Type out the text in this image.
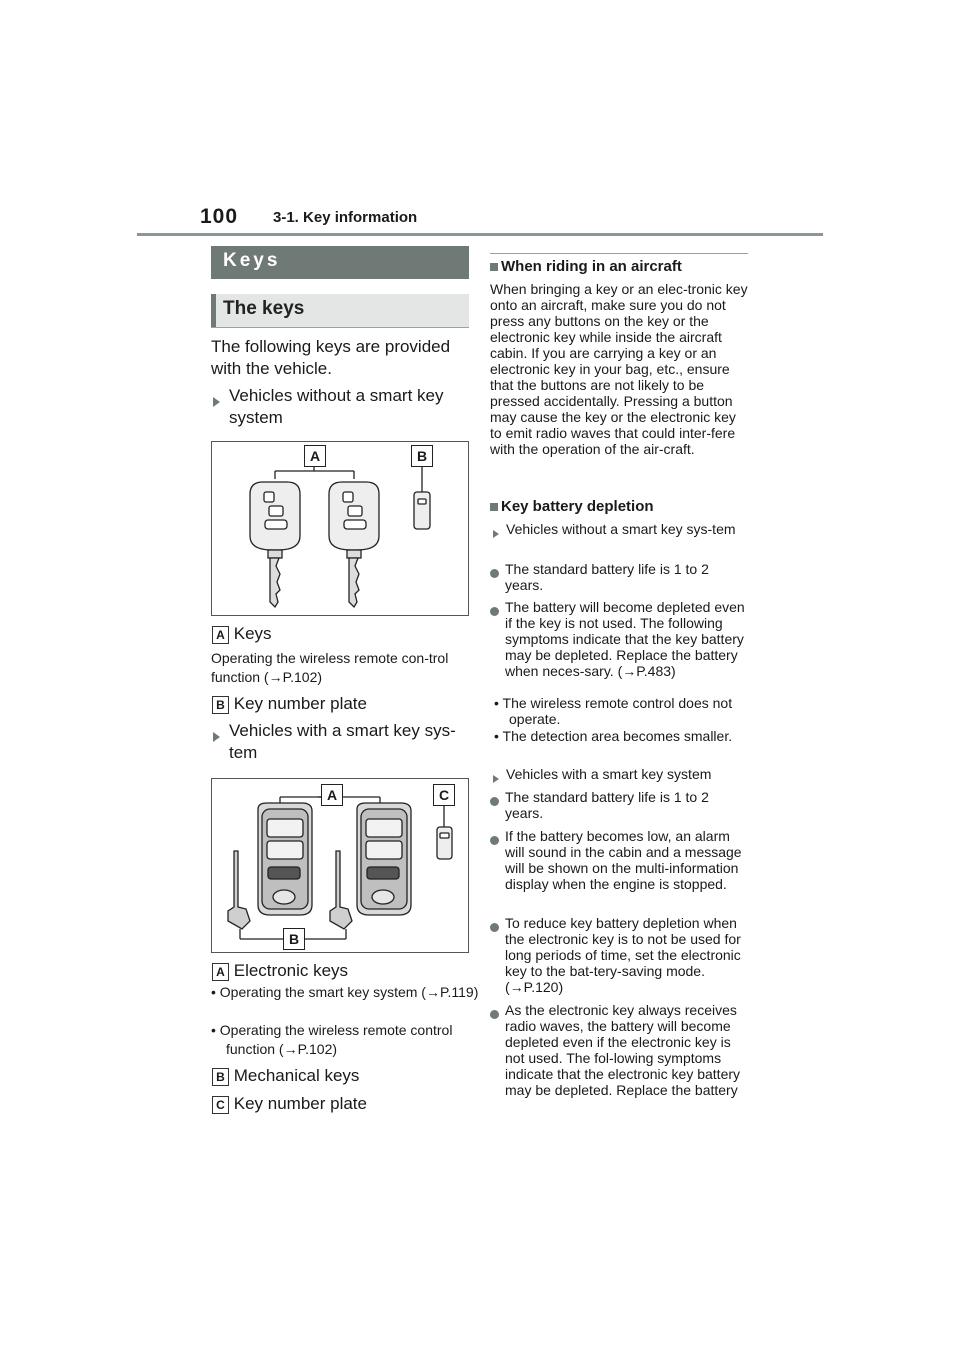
100 3-1. Key information
Keys
The keys
The following keys are provided with the vehicle.
Vehicles without a smart key system
A	B
A Keys
Operating the wireless remote con-trol function (→P.102)
B Key number plate
Vehicles with a smart key sys-tem
A	C
B
A Electronic keys
• Operating the smart key system (→P.119)
• Operating the wireless remote control function (→P.102)
B Mechanical keys
C Key number plate
When riding in an aircraft
When bringing a key or an elec-tronic key onto an aircraft, make sure you do not press any buttons on the key or the electronic key while inside the aircraft cabin. If you are carrying a key or an electronic key in your bag, etc., ensure that the buttons are not likely to be pressed accidentally. Pressing a button may cause the key or the electronic key to emit radio waves that could inter-fere with the operation of the air-craft.
Key battery depletion
Vehicles without a smart key sys-tem
The standard battery life is 1 to 2 years.
The battery will become depleted even if the key is not used. The following symptoms indicate that the key battery may be depleted. Replace the battery when neces-sary. (→P.483)
• The wireless remote control does not operate.
• The detection area becomes smaller.
Vehicles with a smart key system
The standard battery life is 1 to 2 years.
If the battery becomes low, an alarm will sound in the cabin and a message will be shown on the multi-information display when the engine is stopped.
To reduce key battery depletion when the electronic key is to not be used for long periods of time, set the electronic key to the bat-tery-saving mode. (→P.120)
As the electronic key always receives radio waves, the battery will become depleted even if the electronic key is not used. The fol-lowing symptoms indicate that the electronic key battery may be depleted. Replace the battery
